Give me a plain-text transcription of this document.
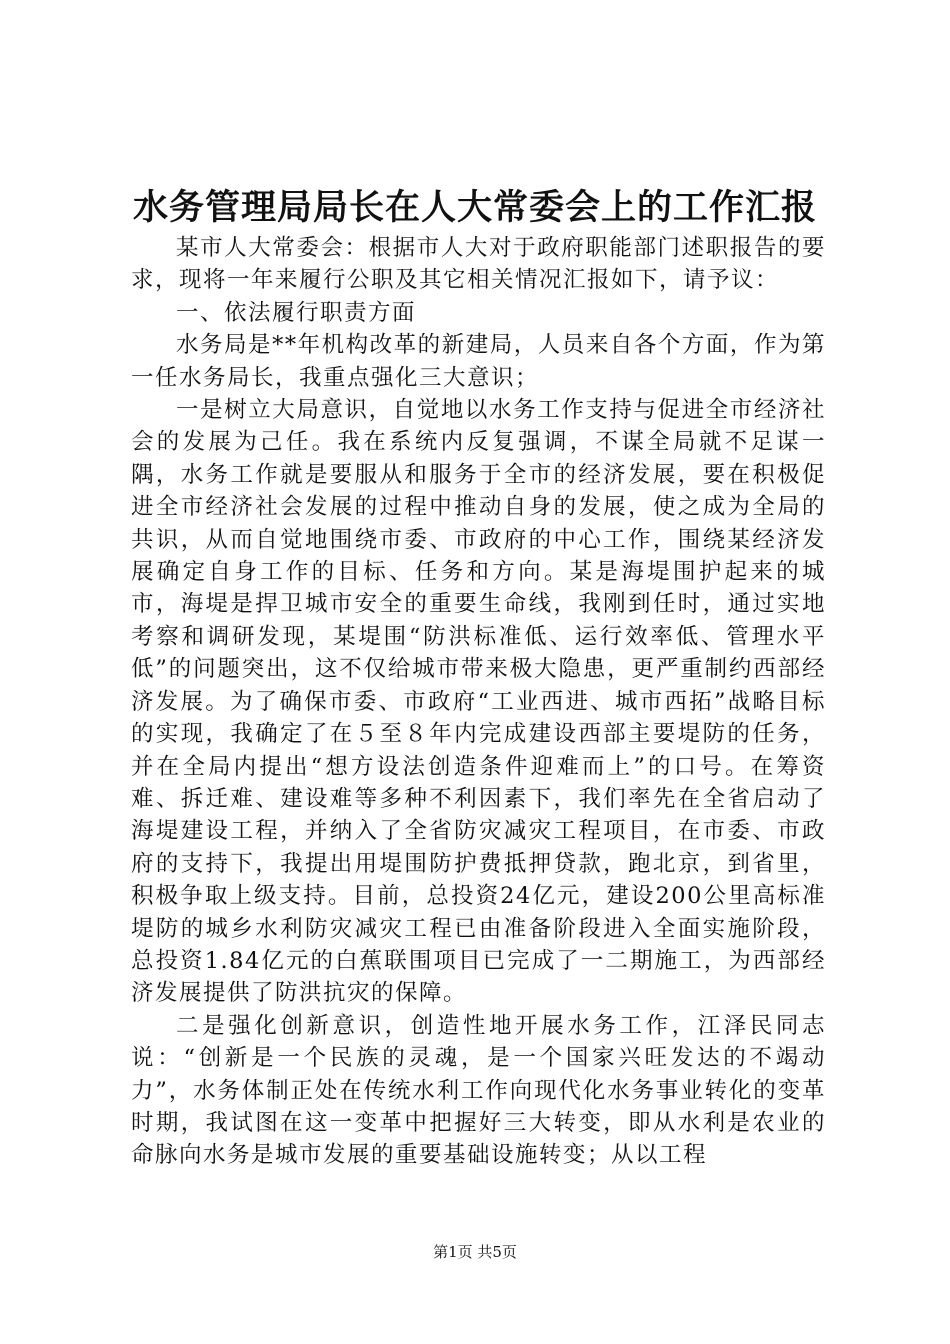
水务管理局局长在人大常委会上的工作汇报

某市人大常委会：根据市人大对于政府职能部门述职报告的要求，现将一年来履行公职及其它相关情况汇报如下，请予议：

一、依法履行职责方面

水务局是**年机构改革的新建局，人员来自各个方面，作为第一任水务局长，我重点强化三大意识；

一是树立大局意识，自觉地以水务工作支持与促进全市经济社会的发展为己任。我在系统内反复强调，不谋全局就不足谋一隅，水务工作就是要服从和服务于全市的经济发展，要在积极促进全市经济社会发展的过程中推动自身的发展，使之成为全局的共识，从而自觉地围绕市委、市政府的中心工作，围绕某经济发展确定自身工作的目标、任务和方向。某是海堤围护起来的城市，海堤是捍卫城市安全的重要生命线，我刚到任时，通过实地考察和调研发现，某堤围“防洪标准低、运行效率低、管理水平低”的问题突出，这不仅给城市带来极大隐患，更严重制约西部经济发展。为了确保市委、市政府“工业西进、城市西拓”战略目标的实现，我确定了在５至８年内完成建设西部主要堤防的任务，并在全局内提出“想方设法创造条件迎难而上”的口号。在筹资难、拆迁难、建设难等多种不利因素下，我们率先在全省启动了海堤建设工程，并纳入了全省防灾减灾工程项目，在市委、市政府的支持下，我提出用堤围防护费抵押贷款，跑北京，到省里，积极争取上级支持。目前，总投资24亿元，建设200公里高标准堤防的城乡水利防灾减灾工程已由准备阶段进入全面实施阶段，总投资1.84亿元的白蕉联围项目已完成了一二期施工，为西部经济发展提供了防洪抗灾的保障。

二是强化创新意识，创造性地开展水务工作，江泽民同志说：“创新是一个民族的灵魂，是一个国家兴旺发达的不竭动力”，水务体制正处在传统水利工作向现代化水务事业转化的变革时期，我试图在这一变革中把握好三大转变，即从水利是农业的命脉向水务是城市发展的重要基础设施转变；从以工程

第1页 共5页
